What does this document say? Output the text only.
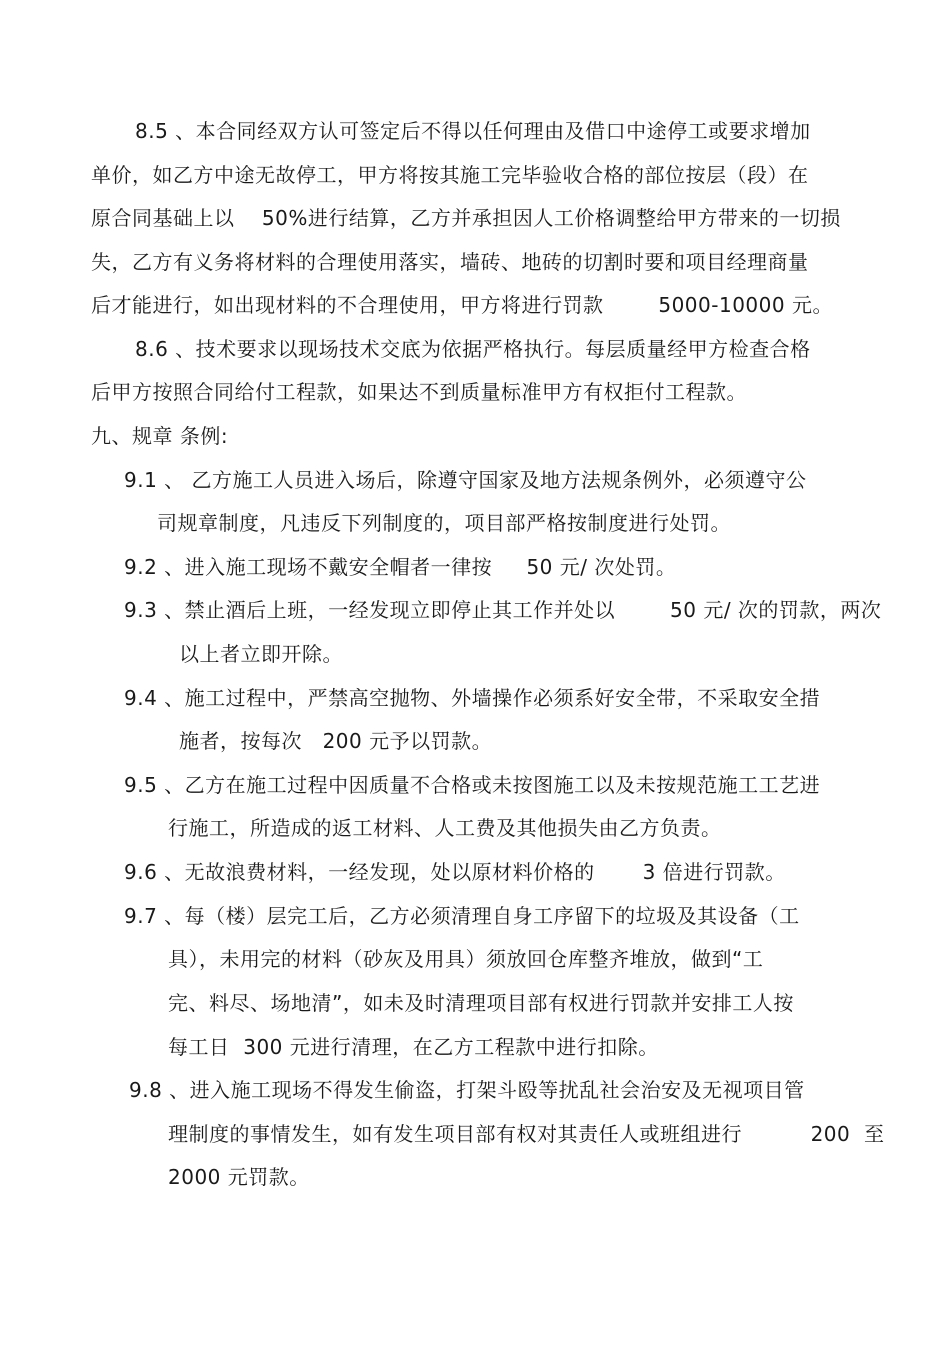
8.5 、本合同经双方认可签定后不得以任何理由及借口中途停工或要求增加
单价，如乙方中途无故停工，甲方将按其施工完毕验收合格的部位按层（段）在
原合同基础上以    50%进行结算，乙方并承担因人工价格调整给甲方带来的一切损
失，乙方有义务将材料的合理使用落实，墙砖、地砖的切割时要和项目经理商量
后才能进行，如出现材料的不合理使用，甲方将进行罚款        5000-10000 元。
8.6 、技术要求以现场技术交底为依据严格执行。每层质量经甲方检查合格
后甲方按照合同给付工程款，如果达不到质量标准甲方有权拒付工程款。
九、规章 条例:
9.1 、 乙方施工人员进入场后，除遵守国家及地方法规条例外，必须遵守公
司规章制度，凡违反下列制度的，项目部严格按制度进行处罚。
9.2 、进入施工现场不戴安全帽者一律按     50 元/ 次处罚。
9.3 、禁止酒后上班，一经发现立即停止其工作并处以        50 元/ 次的罚款，两次
以上者立即开除。
9.4 、施工过程中，严禁高空抛物、外墙操作必须系好安全带，不采取安全措
施者，按每次   200 元予以罚款。
9.5 、乙方在施工过程中因质量不合格或未按图施工以及未按规范施工工艺进
行施工，所造成的返工材料、人工费及其他损失由乙方负责。
9.6 、无故浪费材料，一经发现，处以原材料价格的       3 倍进行罚款。
9.7 、每（楼）层完工后，乙方必须清理自身工序留下的垃圾及其设备（工
具），未用完的材料（砂灰及用具）须放回仓库整齐堆放，做到“工
完、料尽、场地清”，如未及时清理项目部有权进行罚款并安排工人按
每工日  300 元进行清理，在乙方工程款中进行扣除。
9.8 、进入施工现场不得发生偷盗，打架斗殴等扰乱社会治安及无视项目管
理制度的事情发生，如有发生项目部有权对其责任人或班组进行          200  至
2000 元罚款。
